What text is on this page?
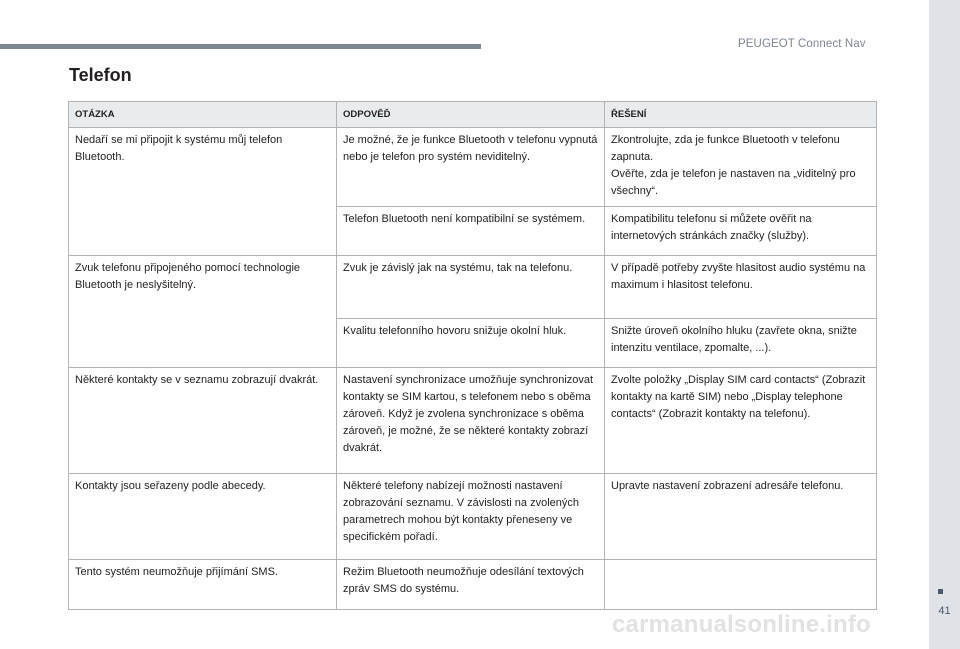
PEUGEOT Connect Nav
41
Telefon
OTÁZKA	ODPOVĚĎ	ŘEŠENÍ
Nedaří se mi připojit k systému můj telefon Bluetooth.	Je možné, že je funkce Bluetooth v telefonu vypnutá nebo je telefon pro systém neviditelný.	Zkontrolujte, zda je funkce Bluetooth v telefonu zapnuta.
Ověřte, zda je telefon je nastaven na „viditelný pro všechny“.

	Telefon Bluetooth není kompatibilní se systémem.	Kompatibilitu telefonu si můžete ověřit na internetových stránkách značky (služby).
Zvuk telefonu připojeného pomocí technologie Bluetooth je neslyšitelný.	Zvuk je závislý jak na systému, tak na telefonu.	V případě potřeby zvyšte hlasitost audio systému na maximum i hlasitost telefonu.
	Kvalitu telefonního hovoru snižuje okolní hluk.	Snižte úroveň okolního hluku (zavřete okna, snižte intenzitu ventilace, zpomalte, ...).
Některé kontakty se v seznamu zobrazují dvakrát.	Nastavení synchronizace umožňuje synchronizovat kontakty se SIM kartou, s telefonem nebo s oběma zároveň. Když je zvolena synchronizace s oběma zároveň, je možné, že se některé kontakty zobrazí dvakrát.	Zvolte položky „Display SIM card contacts“ (Zobrazit kontakty na kartě SIM) nebo „Display telephone contacts“ (Zobrazit kontakty na telefonu).
Kontakty jsou seřazeny podle abecedy.	Některé telefony nabízejí možnosti nastavení zobrazování seznamu. V závislosti na zvolených parametrech mohou být kontakty přeneseny ve specifickém pořadí.	Upravte nastavení zobrazení adresáře telefonu.
Tento systém neumožňuje přijímání SMS.	Režim Bluetooth neumožňuje odesílání textových zpráv SMS do systému.	
carmanualsonline.info
